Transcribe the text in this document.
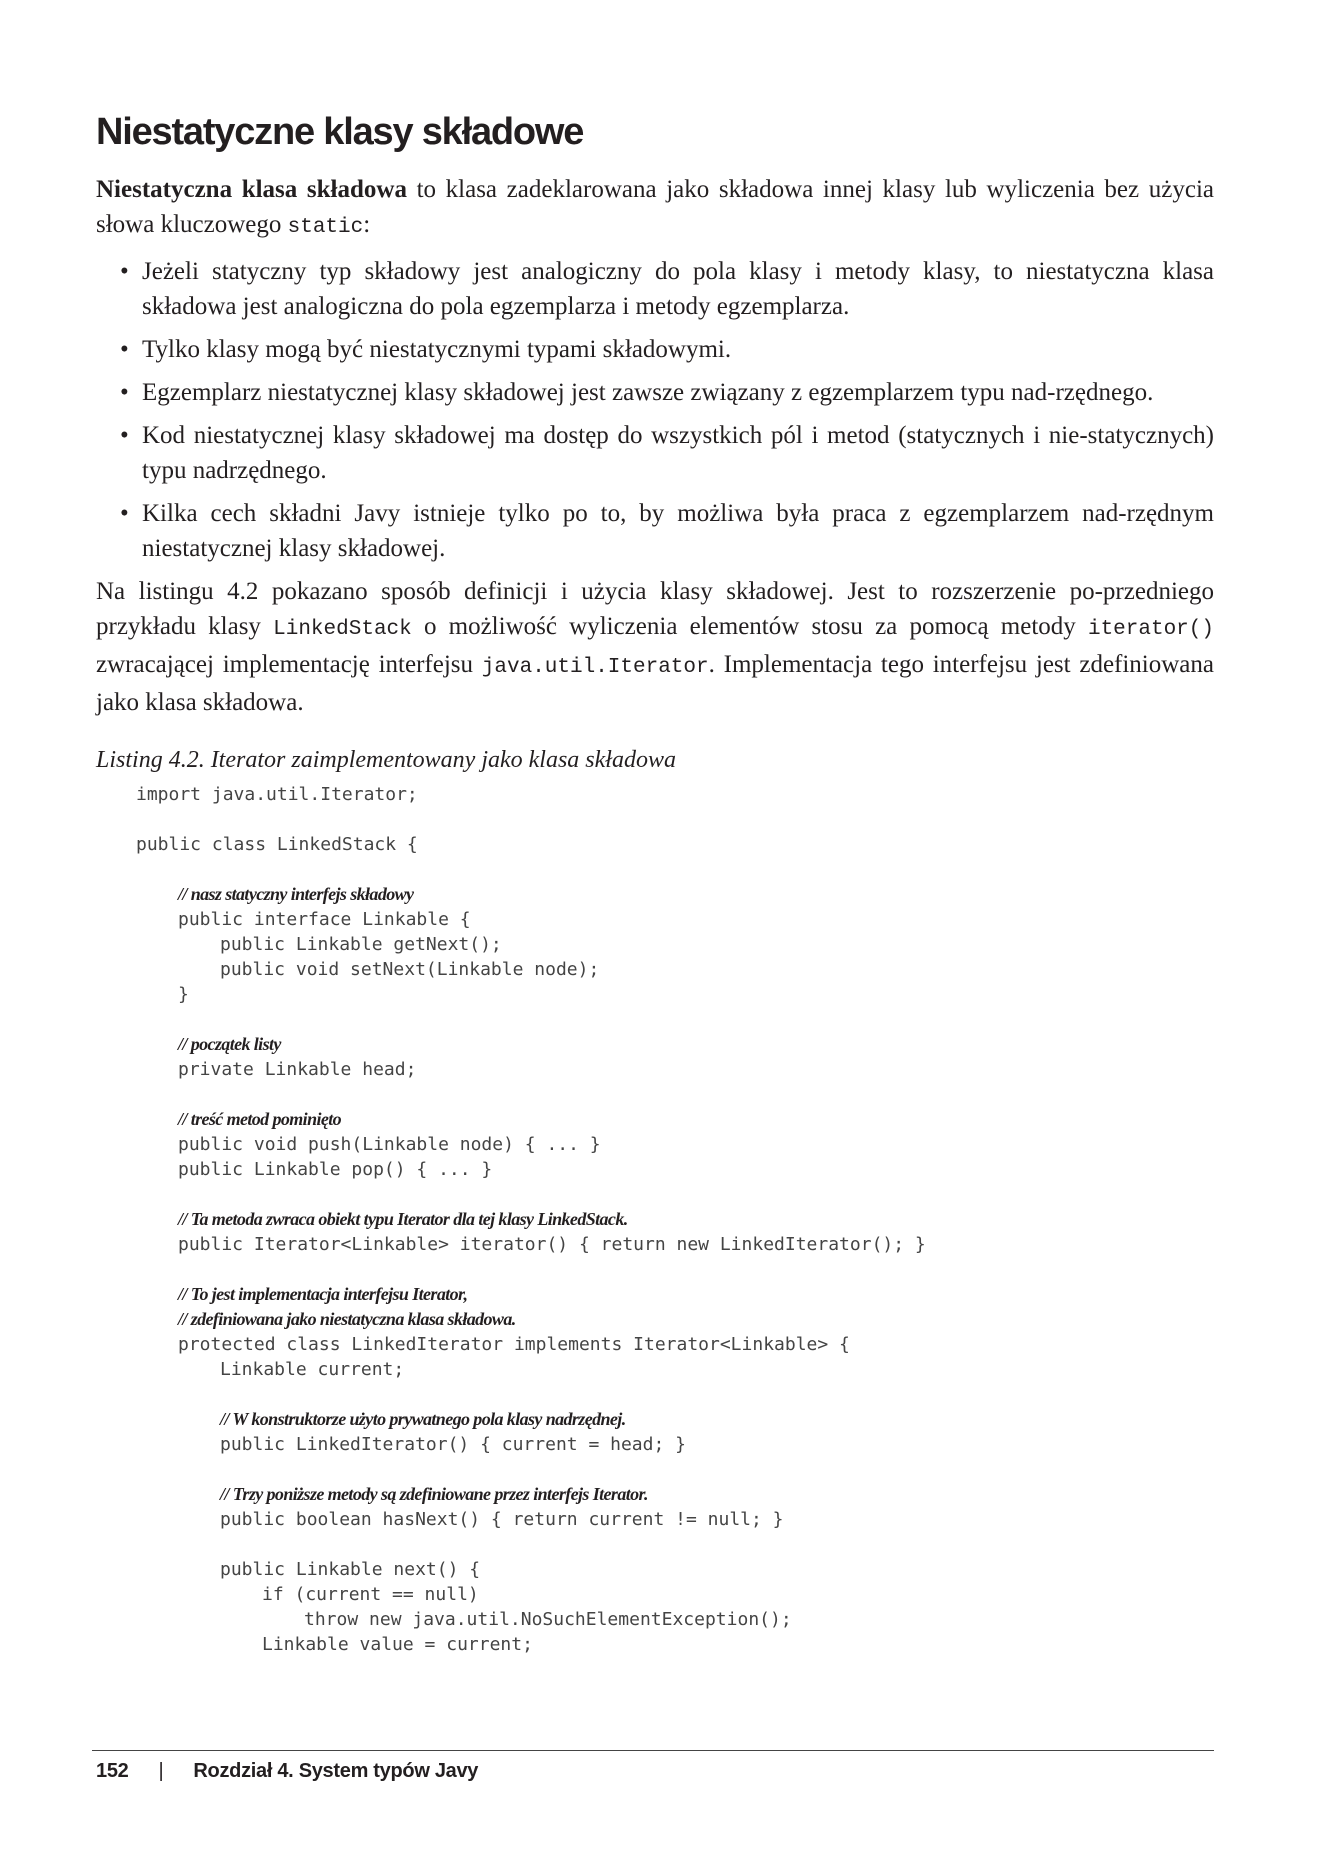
Niestatyczne klasy składowe

Niestatyczna klasa składowa to klasa zadeklarowana jako składowa innej klasy lub wyliczenia bez użycia słowa kluczowego static:

• Jeżeli statyczny typ składowy jest analogiczny do pola klasy i metody klasy, to niestatyczna klasa składowa jest analogiczna do pola egzemplarza i metody egzemplarza.
• Tylko klasy mogą być niestatycznymi typami składowymi.
• Egzemplarz niestatycznej klasy składowej jest zawsze związany z egzemplarzem typu nad-rzędnego.
• Kod niestatycznej klasy składowej ma dostęp do wszystkich pól i metod (statycznych i nie-statycznych) typu nadrzędnego.
• Kilka cech składni Javy istnieje tylko po to, by możliwa była praca z egzemplarzem nad-rzędnym niestatycznej klasy składowej.

Na listingu 4.2 pokazano sposób definicji i użycia klasy składowej. Jest to rozszerzenie po-przedniego przykładu klasy LinkedStack o możliwość wyliczenia elementów stosu za pomocą metody iterator() zwracającej implementację interfejsu java.util.Iterator. Implementacja tego interfejsu jest zdefiniowana jako klasa składowa.

Listing 4.2. Iterator zaimplementowany jako klasa składowa
import java.util.Iterator;
public class LinkedStack {
// nasz statyczny interfejs składowy
public interface Linkable {
public Linkable getNext();
public void setNext(Linkable node);
}
// początek listy
private Linkable head;
// treść metod pominięto
public void push(Linkable node) { ... }
public Linkable pop() { ... }
// Ta metoda zwraca obiekt typu Iterator dla tej klasy LinkedStack.
public Iterator<Linkable> iterator() { return new LinkedIterator(); }
// To jest implementacja interfejsu Iterator,
// zdefiniowana jako niestatyczna klasa składowa.
protected class LinkedIterator implements Iterator<Linkable> {
Linkable current;
// W konstruktorze użyto prywatnego pola klasy nadrzędnej.
public LinkedIterator() { current = head; }
// Trzy poniższe metody są zdefiniowane przez interfejs Iterator.
public boolean hasNext() { return current != null; }
public Linkable next() {
if (current == null)
throw new java.util.NoSuchElementException();
Linkable value = current;
152 | Rozdział 4. System typów Javy
